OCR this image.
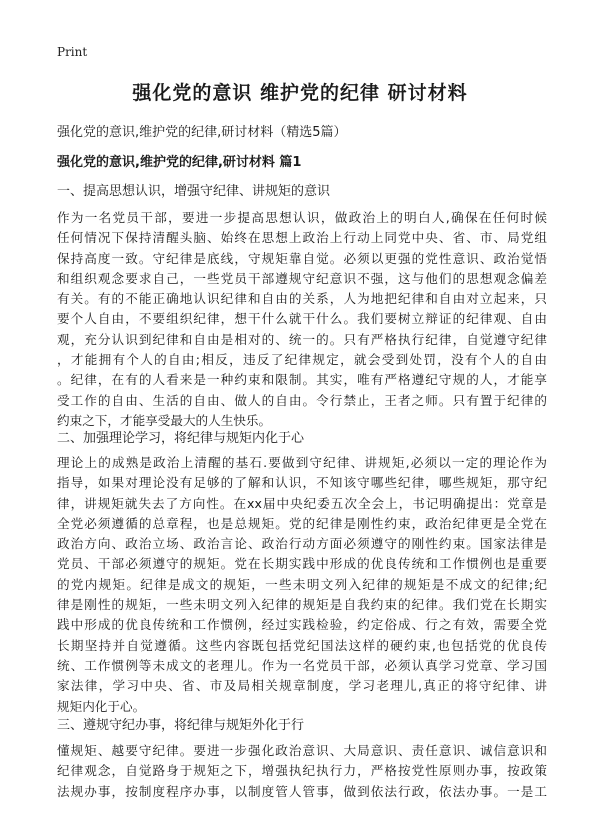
Print
强化党的意识 维护党的纪律 研讨材料

强化党的意识,维护党的纪律,研讨材料（精选5篇）

强化党的意识,维护党的纪律,研讨材料 篇1

一、提高思想认识，增强守纪律、讲规矩的意识

作为一名党员干部，要进一步提高思想认识，做政治上的明白人,确保在任何时候
任何情况下保持清醒头脑、始终在思想上政治上行动上同党中央、省、市、局党组
保持高度一致。守纪律是底线，守规矩靠自觉。必须以更强的党性意识、政治觉悟
和组织观念要求自己，一些党员干部遵规守纪意识不强，这与他们的思想观念偏差
有关。有的不能正确地认识纪律和自由的关系，人为地把纪律和自由对立起来，只
要个人自由，不要组织纪律，想干什么就干什么。我们要树立辩证的纪律观、自由
观，充分认识到纪律和自由是相对的、统一的。只有严格执行纪律，自觉遵守纪律
，才能拥有个人的自由;相反，违反了纪律规定，就会受到处罚，没有个人的自由
。纪律，在有的人看来是一种约束和限制。其实，唯有严格遵纪守规的人，才能享
受工作的自由、生活的自由、做人的自由。令行禁止，王者之师。只有置于纪律的
约束之下，才能享受最大的人生快乐。

二、加强理论学习，将纪律与规矩内化于心

理论上的成熟是政治上清醒的基石.要做到守纪律、讲规矩,必须以一定的理论作为
指导，如果对理论没有足够的了解和认识，不知该守哪些纪律，哪些规矩，那守纪
律，讲规矩就失去了方向性。在xx届中央纪委五次全会上，书记明确提出：党章是
全党必须遵循的总章程，也是总规矩。党的纪律是刚性约束，政治纪律更是全党在
政治方向、政治立场、政治言论、政治行动方面必须遵守的刚性约束。国家法律是
党员、干部必须遵守的规矩。党在长期实践中形成的优良传统和工作惯例也是重要
的党内规矩。纪律是成文的规矩，一些未明文列入纪律的规矩是不成文的纪律;纪
律是刚性的规矩，一些未明文列入纪律的规矩是自我约束的纪律。我们党在长期实
践中形成的优良传统和工作惯例，经过实践检验，约定俗成、行之有效，需要全党
长期坚持并自觉遵循。这些内容既包括党纪国法这样的硬约束,也包括党的优良传
统、工作惯例等未成文的老理儿。作为一名党员干部，必须认真学习党章、学习国
家法律，学习中央、省、市及局相关规章制度，学习老理儿,真正的将守纪律、讲
规矩内化于心。

三、遵规守纪办事，将纪律与规矩外化于行

懂规矩、越要守纪律。要进一步强化政治意识、大局意识、责任意识、诚信意识和
纪律观念，自觉路身于规矩之下，增强执纪执行力，严格按党性原则办事，按政策
法规办事，按制度程序办事，以制度管人管事，做到依法行政，依法办事。一是工
